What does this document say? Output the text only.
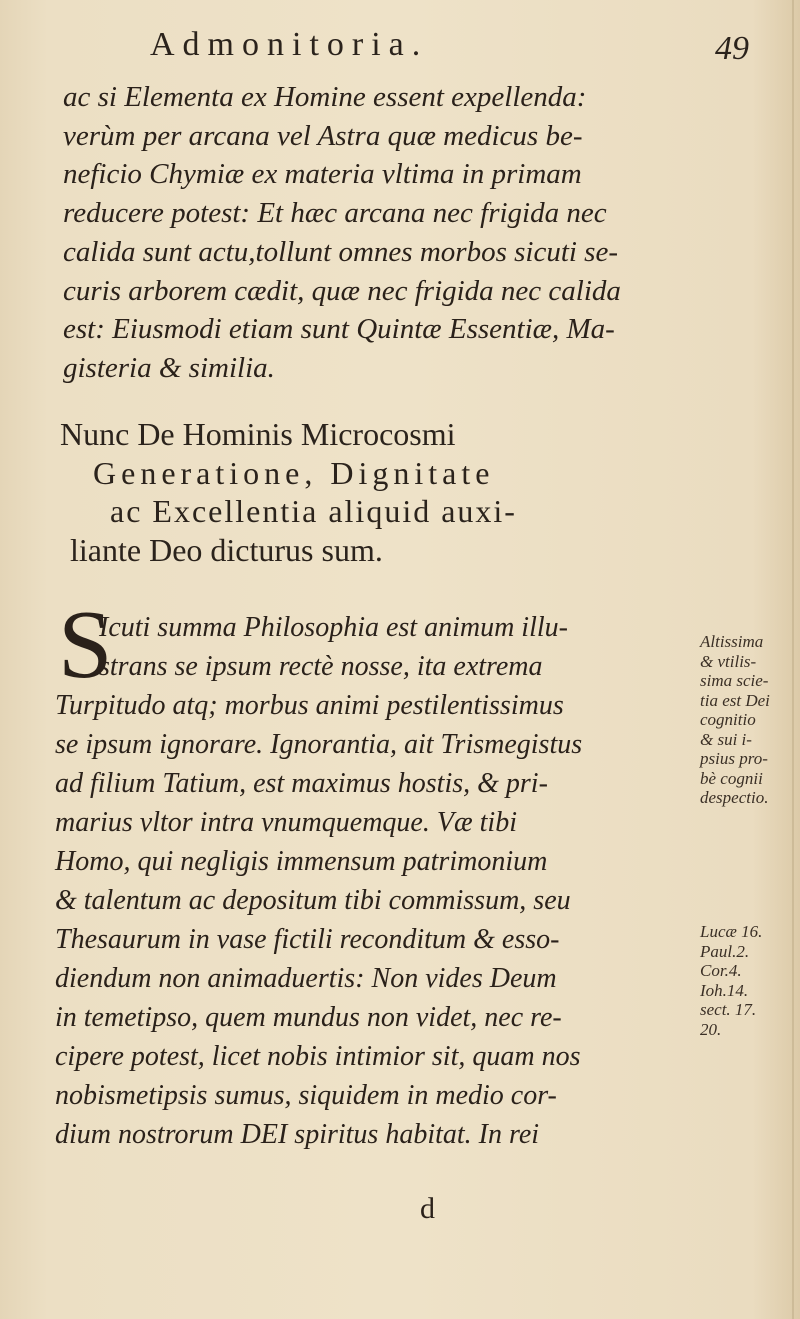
Admonitoria.	49
ac si Elementa ex Homine essent expellenda:
verùm per arcana vel Astra quæ medicus be-
neficio Chymiæ ex materia vltima in primam
reducere potest: Et hæc arcana nec frigida nec
calida sunt actu,tollunt omnes morbos sicuti se-
curis arborem cædit, quæ nec frigida nec calida
est: Eiusmodi etiam sunt Quintæ Essentiæ, Ma-
gisteria & similia.
Nunc De Hominis Microcosmi
Generatione, Dignitate
ac Excellentia aliquid auxi-
liante Deo dicturus sum.
S
Icuti summa Philosophia est animum illu-
strans se ipsum rectè nosse, ita extrema
Turpitudo atq; morbus animi pestilentissimus
se ipsum ignorare. Ignorantia, ait Trismegistus
ad filium Tatium, est maximus hostis, & pri-
marius vltor intra vnumquemque. Væ tibi
Homo, qui negligis immensum patrimonium
& talentum ac depositum tibi commissum, seu
Thesaurum in vase fictili reconditum & esso-
diendum non animaduertis: Non vides Deum
in temetipso, quem mundus non videt, nec re-
cipere potest, licet nobis intimior sit, quam nos
nobismetipsis sumus, siquidem in medio cor-
dium nostrorum DEI spiritus habitat. In rei
Altissima
& vtilis-
sima scie-
tia est Dei
cognitio
& sui i-
psius pro-
bè cognii
despectio.
Lucæ 16.
Paul.2.
Cor.4.
Ioh.14.
sect. 17.
20.
d
